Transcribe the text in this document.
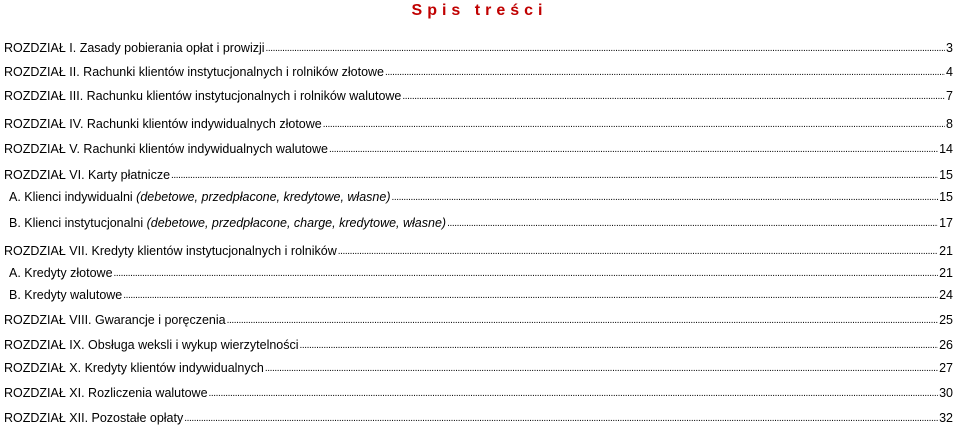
Spis treści
ROZDZIAŁ I. Zasady pobierania opłat i prowizji .....	3
ROZDZIAŁ II. Rachunki klientów instytucjonalnych i rolników złotowe .....	4
ROZDZIAŁ III. Rachunku klientów instytucjonalnych i rolników walutowe .....	7
ROZDZIAŁ IV. Rachunki klientów indywidualnych złotowe .....	8
ROZDZIAŁ V. Rachunki klientów indywidualnych walutowe .....	14
ROZDZIAŁ VI. Karty płatnicze .....	15
A. Klienci indywidualni (debetowe, przedpłacone, kredytowe, własne) .....	15
B. Klienci instytucjonalni (debetowe, przedpłacone, charge, kredytowe, własne) .....	17
ROZDZIAŁ VII. Kredyty klientów instytucjonalnych i rolników .....	21
A. Kredyty złotowe .....	21
B. Kredyty walutowe .....	24
ROZDZIAŁ VIII. Gwarancje i poręczenia .....	25
ROZDZIAŁ IX. Obsługa weksli i wykup wierzytelności .....	26
ROZDZIAŁ X. Kredyty klientów indywidualnych .....	27
ROZDZIAŁ XI. Rozliczenia walutowe .....	30
ROZDZIAŁ XII. Pozostałe opłaty .....	32
